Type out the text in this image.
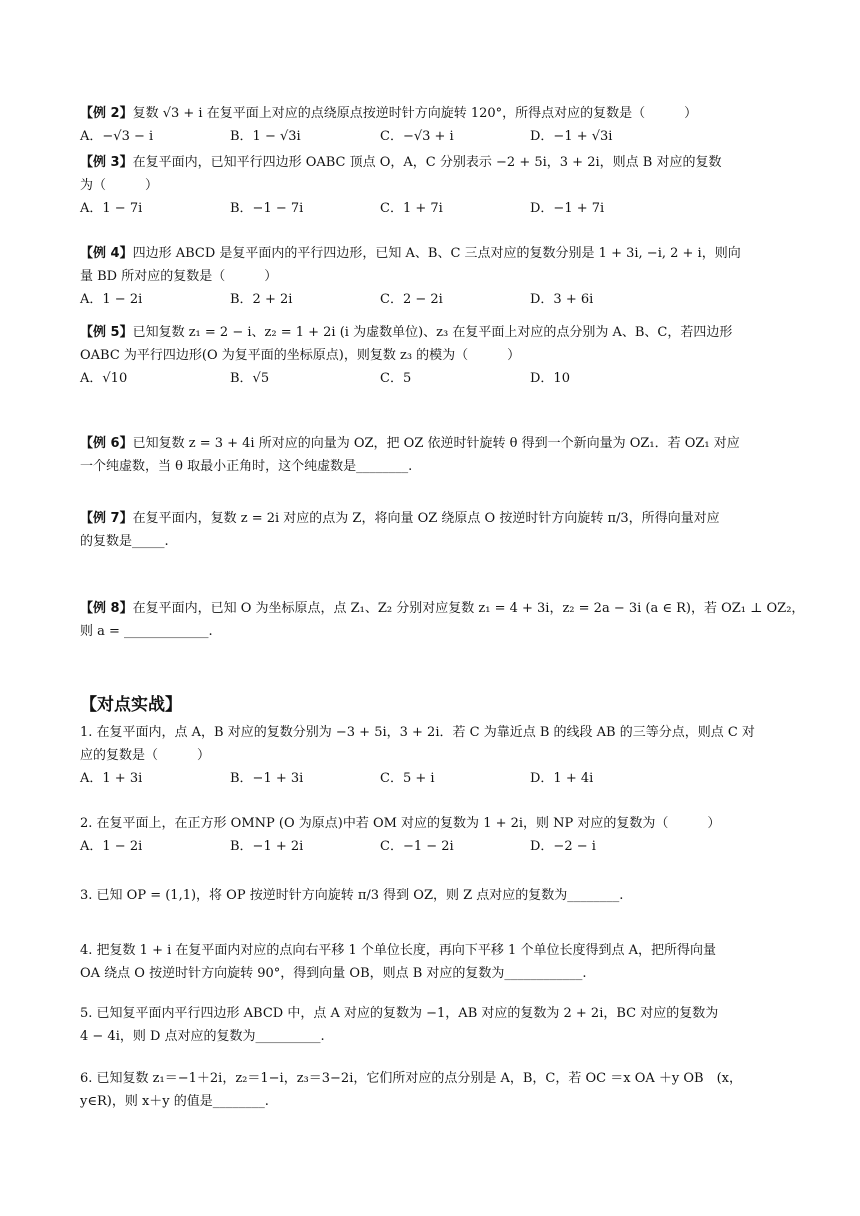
【例 2】复数 √3 + i 在复平面上对应的点绕原点按逆时针方向旋转 120°，所得点对应的复数是（　　　）
A．−√3 − i	B．1 − √3i	C．−√3 + i	D．−1 + √3i
【例 3】在复平面内，已知平行四边形 OABC 顶点 O，A，C 分别表示 −2 + 5i，3 + 2i，则点 B 对应的复数
为（　　　）
A．1 − 7i	B．−1 − 7i	C．1 + 7i	D．−1 + 7i
【例 4】四边形 ABCD 是复平面内的平行四边形，已知 A、B、C 三点对应的复数分别是 1 + 3i, −i, 2 + i，则向
量 BD 所对应的复数是（　　　）
A．1 − 2i	B．2 + 2i	C．2 − 2i	D．3 + 6i
【例 5】已知复数 z₁ = 2 − i、z₂ = 1 + 2i (i 为虚数单位)、z₃ 在复平面上对应的点分别为 A、B、C，若四边形
OABC 为平行四边形(O 为复平面的坐标原点)，则复数 z₃ 的模为（　　　）
A．√10	B．√5	C．5	D．10
【例 6】已知复数 z = 3 + 4i 所对应的向量为 OZ，把 OZ 依逆时针旋转 θ 得到一个新向量为 OZ₁．若 OZ₁ 对应
一个纯虚数，当 θ 取最小正角时，这个纯虚数是________.
【例 7】在复平面内，复数 z = 2i 对应的点为 Z，将向量 OZ 绕原点 O 按逆时针方向旋转 π/3，所得向量对应
的复数是_____.
【例 8】在复平面内，已知 O 为坐标原点，点 Z₁、Z₂ 分别对应复数 z₁ = 4 + 3i，z₂ = 2a − 3i (a ∈ R)，若 OZ₁ ⊥ OZ₂，
则 a = _____________.
【对点实战】
1. 在复平面内，点 A，B 对应的复数分别为 −3 + 5i，3 + 2i．若 C 为靠近点 B 的线段 AB 的三等分点，则点 C 对
应的复数是（　　　）
A．1 + 3i	B．−1 + 3i	C．5 + i	D．1 + 4i
2. 在复平面上，在正方形 OMNP (O 为原点)中若 OM 对应的复数为 1 + 2i，则 NP 对应的复数为（　　　）
A．1 − 2i	B．−1 + 2i	C．−1 − 2i	D．−2 − i
3. 已知 OP = (1,1)，将 OP 按逆时针方向旋转 π/3 得到 OZ，则 Z 点对应的复数为________.
4. 把复数 1 + i 在复平面内对应的点向右平移 1 个单位长度，再向下平移 1 个单位长度得到点 A，把所得向量
OA 绕点 O 按逆时针方向旋转 90°，得到向量 OB，则点 B 对应的复数为____________.
5. 已知复平面内平行四边形 ABCD 中，点 A 对应的复数为 −1，AB 对应的复数为 2 + 2i，BC 对应的复数为
4 − 4i，则 D 点对应的复数为__________.
6. 已知复数 z₁＝−1＋2i，z₂＝1−i，z₃＝3−2i，它们所对应的点分别是 A，B，C，若 OC ＝x OA ＋y OB　(x，
y∈R)，则 x＋y 的值是________.
